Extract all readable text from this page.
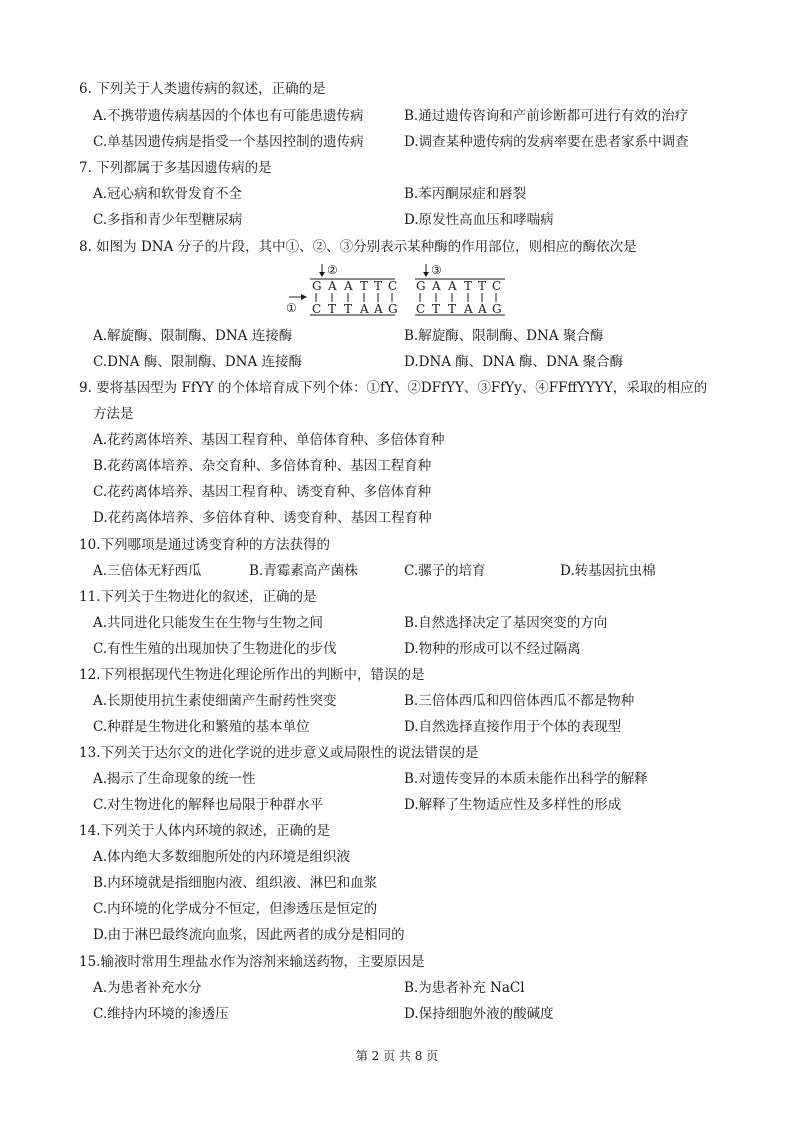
6. 下列关于人类遗传病的叙述，正确的是
A.不携带遗传病基因的个体也有可能患遗传病	B.通过遗传咨询和产前诊断都可进行有效的治疗
C.单基因遗传病是指受一个基因控制的遗传病	D.调查某种遗传病的发病率要在患者家系中调查
7. 下列都属于多基因遗传病的是
A.冠心病和软骨发育不全	B.苯丙酮尿症和唇裂
C.多指和青少年型糖尿病	D.原发性高血压和哮喘病
8. 如图为 DNA 分子的片段，其中①、②、③分别表示某种酶的作用部位，则相应的酶依次是
②	③
①
G A A T T C G A A T T C
C T T A A G C T T A A G
A.解旋酶、限制酶、DNA 连接酶	B.解旋酶、限制酶、DNA 聚合酶
C.DNA 酶、限制酶、DNA 连接酶	D.DNA 酶、DNA 酶、DNA 聚合酶
9. 要将基因型为 FfYY 的个体培育成下列个体：①fY、②DFfYY、③FfYy、④FFffYYYY，采取的相应的
方法是
A.花药离体培养、基因工程育种、单倍体育种、多倍体育种
B.花药离体培养、杂交育种、多倍体育种、基因工程育种
C.花药离体培养、基因工程育种、诱变育种、多倍体育种
D.花药离体培养、多倍体育种、诱变育种、基因工程育种
10.下列哪项是通过诱变育种的方法获得的
A.三倍体无籽西瓜	B.青霉素高产菌株	C.骡子的培育	D.转基因抗虫棉
11.下列关于生物进化的叙述，正确的是
A.共同进化只能发生在生物与生物之间	B.自然选择决定了基因突变的方向
C.有性生殖的出现加快了生物进化的步伐	D.物种的形成可以不经过隔离
12.下列根据现代生物进化理论所作出的判断中，错误的是
A.长期使用抗生素使细菌产生耐药性突变	B.三倍体西瓜和四倍体西瓜不都是物种
C.种群是生物进化和繁殖的基本单位	D.自然选择直接作用于个体的表现型
13.下列关于达尔文的进化学说的进步意义或局限性的说法错误的是
A.揭示了生命现象的统一性	B.对遗传变异的本质未能作出科学的解释
C.对生物进化的解释也局限于种群水平	D.解释了生物适应性及多样性的形成
14.下列关于人体内环境的叙述，正确的是
A.体内绝大多数细胞所处的内环境是组织液
B.内环境就是指细胞内液、组织液、淋巴和血浆
C.内环境的化学成分不恒定，但渗透压是恒定的
D.由于淋巴最终流向血浆，因此两者的成分是相同的
15.输液时常用生理盐水作为溶剂来输送药物，主要原因是
A.为患者补充水分	B.为患者补充 NaCl
C.维持内环境的渗透压	D.保持细胞外液的酸碱度
第 2 页 共 8 页
